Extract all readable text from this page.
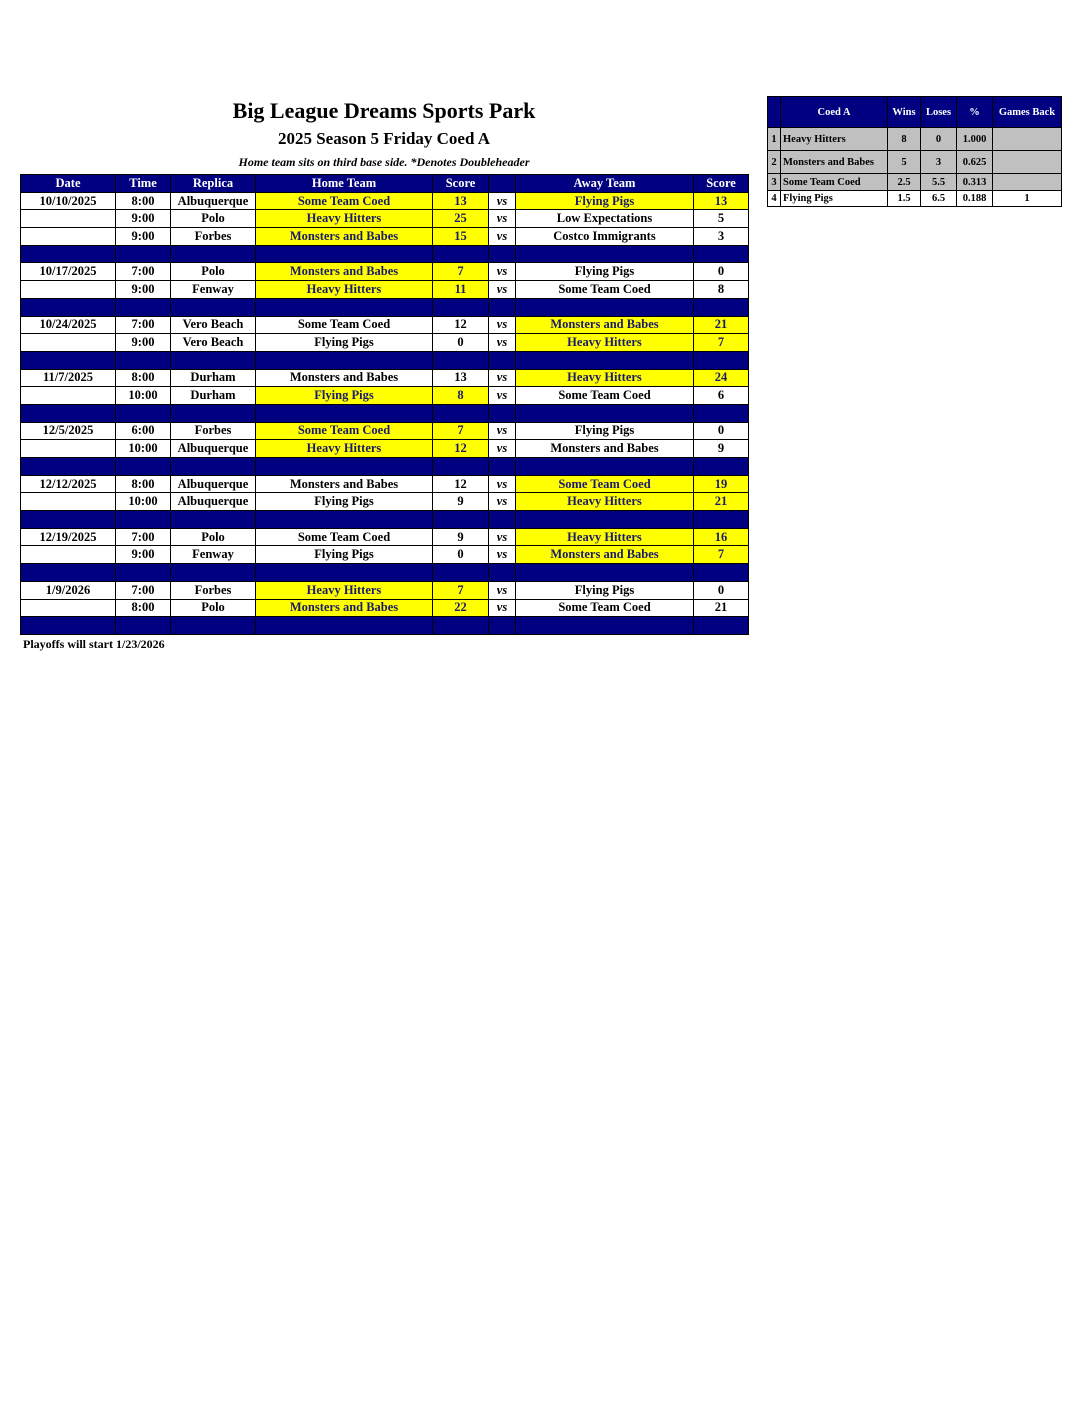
Big League Dreams Sports Park
2025 Season 5 Friday Coed A
Home team sits on third base side. *Denotes Doubleheader
Date	Time	Replica	Home Team	Score		Away Team	Score
10/10/2025	8:00	Albuquerque	Some Team Coed	13	vs	Flying Pigs	13
	9:00	Polo	Heavy Hitters	25	vs	Low Expectations	5
	9:00	Forbes	Monsters and Babes	15	vs	Costco Immigrants	3

10/17/2025	7:00	Polo	Monsters and Babes	7	vs	Flying Pigs	0
	9:00	Fenway	Heavy Hitters	11	vs	Some Team Coed	8

10/24/2025	7:00	Vero Beach	Some Team Coed	12	vs	Monsters and Babes	21
	9:00	Vero Beach	Flying Pigs	0	vs	Heavy Hitters	7

11/7/2025	8:00	Durham	Monsters and Babes	13	vs	Heavy Hitters	24
	10:00	Durham	Flying Pigs	8	vs	Some Team Coed	6

12/5/2025	6:00	Forbes	Some Team Coed	7	vs	Flying Pigs	0
	10:00	Albuquerque	Heavy Hitters	12	vs	Monsters and Babes	9

12/12/2025	8:00	Albuquerque	Monsters and Babes	12	vs	Some Team Coed	19
	10:00	Albuquerque	Flying Pigs	9	vs	Heavy Hitters	21

12/19/2025	7:00	Polo	Some Team Coed	9	vs	Heavy Hitters	16
	9:00	Fenway	Flying Pigs	0	vs	Monsters and Babes	7

1/9/2026	7:00	Forbes	Heavy Hitters	7	vs	Flying Pigs	0
	8:00	Polo	Monsters and Babes	22	vs	Some Team Coed	21

Playoffs will start 1/23/2026
	Coed A	Wins	Loses	%	Games Back
1	Heavy Hitters	8	0	1.000	
2	Monsters and Babes	5	3	0.625	
3	Some Team Coed	2.5	5.5	0.313	
4	Flying Pigs	1.5	6.5	0.188	1
